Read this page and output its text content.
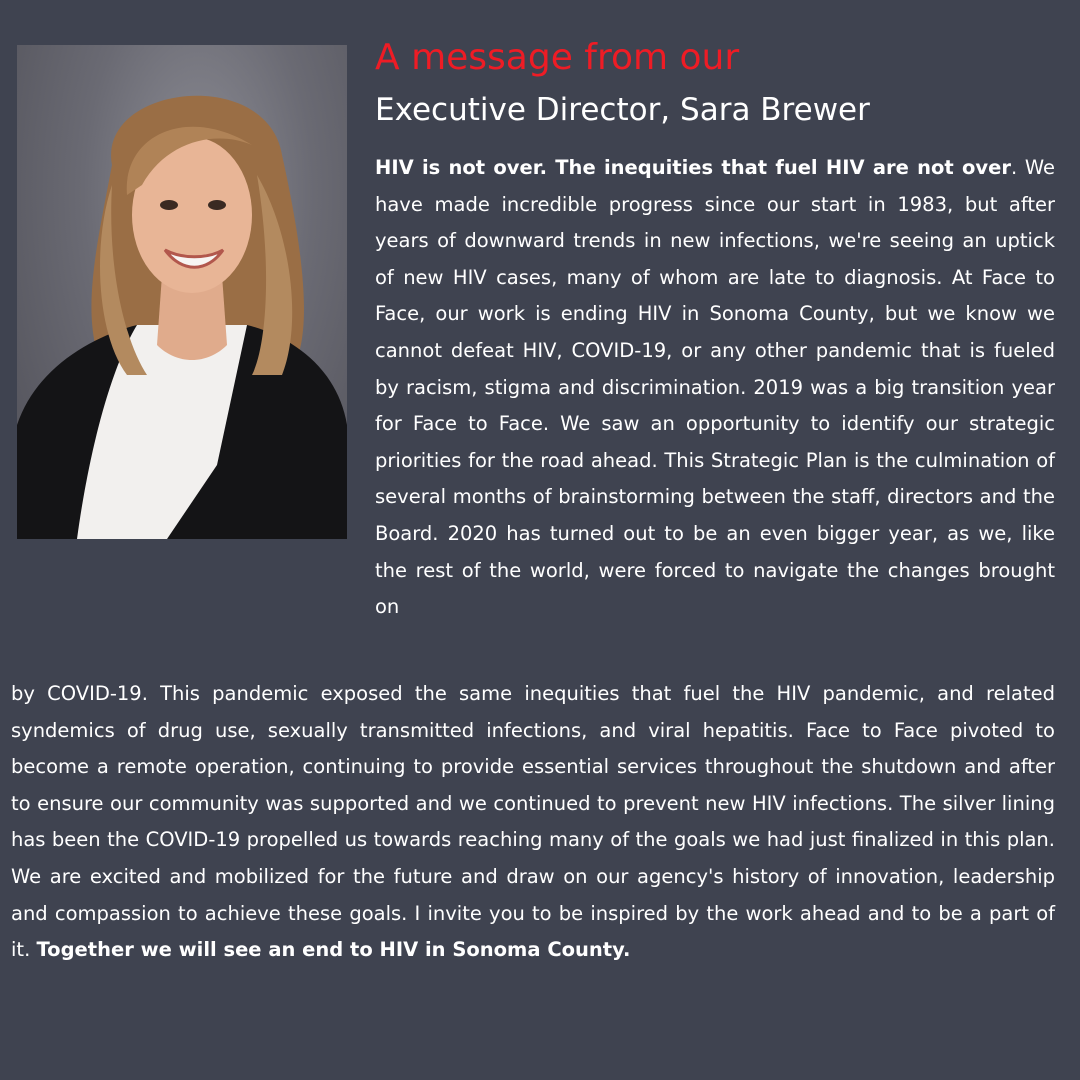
A message from our
Executive Director, Sara Brewer

HIV is not over. The inequities that fuel HIV are not over. We have made incredible progress since our start in 1983, but after years of downward trends in new infections, we're seeing an uptick of new HIV cases, many of whom are late to diagnosis. At Face to Face, our work is ending HIV in Sonoma County, but we know we cannot defeat HIV, COVID-19, or any other pandemic that is fueled by racism, stigma and discrimination. 2019 was a big transition year for Face to Face. We saw an opportunity to identify our strategic priorities for the road ahead. This Strategic Plan is the culmination of several months of brainstorming between the staff, directors and the Board. 2020 has turned out to be an even bigger year, as we, like the rest of the world, were forced to navigate the changes brought on

by COVID-19. This pandemic exposed the same inequities that fuel the HIV pandemic, and related syndemics of drug use, sexually transmitted infections, and viral hepatitis. Face to Face pivoted to become a remote operation, continuing to provide essential services throughout the shutdown and after to ensure our community was supported and we continued to prevent new HIV infections. The silver lining has been the COVID-19 propelled us towards reaching many of the goals we had just finalized in this plan. We are excited and mobilized for the future and draw on our agency's history of innovation, leadership and compassion to achieve these goals. I invite you to be inspired by the work ahead and to be a part of it. Together we will see an end to HIV in Sonoma County.
